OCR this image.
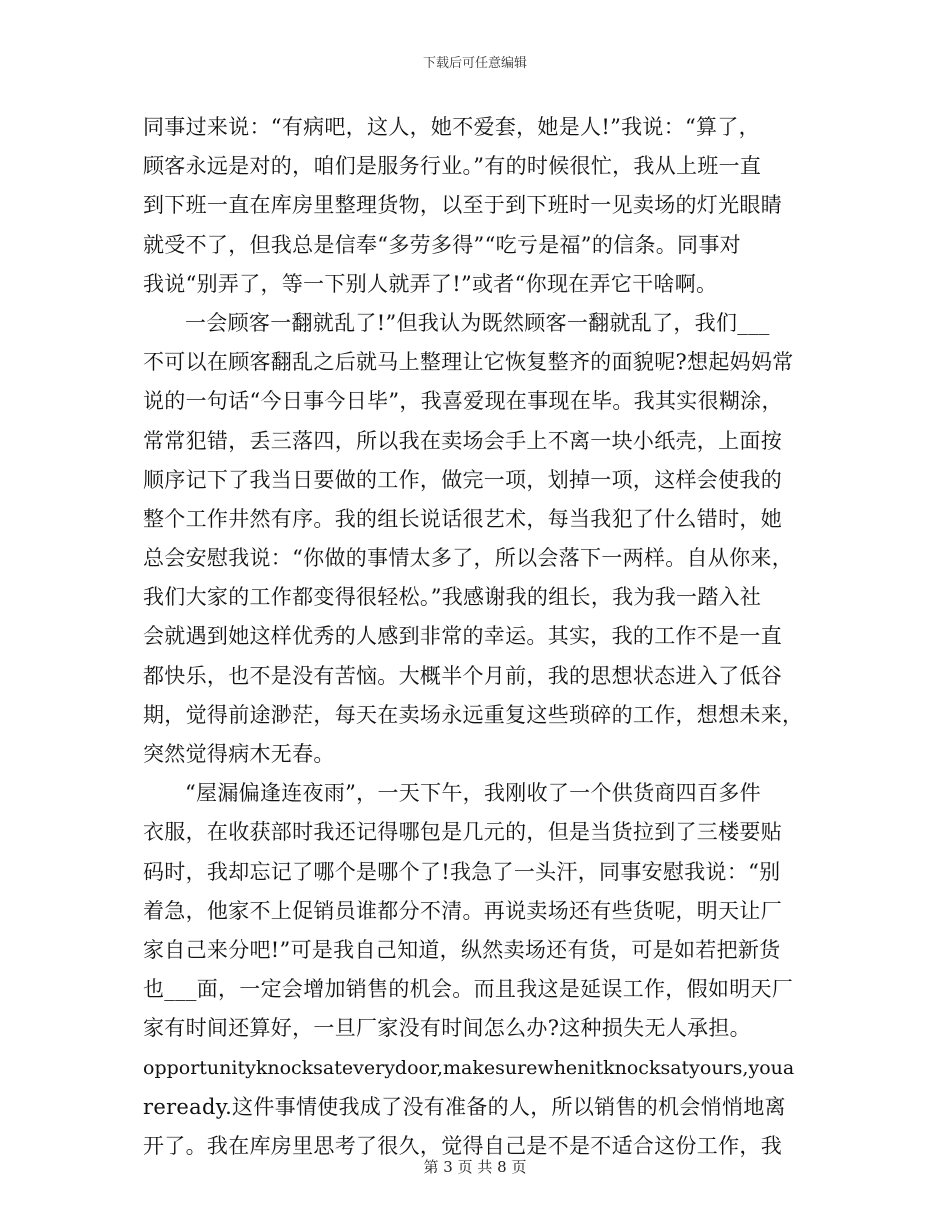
下载后可任意编辑
同事过来说：“有病吧，这人，她不爱套，她是人!”我说：“算了，
顾客永远是对的，咱们是服务行业。”有的时候很忙，我从上班一直
到下班一直在库房里整理货物，以至于到下班时一见卖场的灯光眼睛
就受不了，但我总是信奉“多劳多得”“吃亏是福”的信条。同事对
我说“别弄了，等一下别人就弄了!”或者“你现在弄它干啥啊。
一会顾客一翻就乱了!”但我认为既然顾客一翻就乱了，我们___
不可以在顾客翻乱之后就马上整理让它恢复整齐的面貌呢?想起妈妈常
说的一句话“今日事今日毕”，我喜爱现在事现在毕。我其实很糊涂，
常常犯错，丢三落四，所以我在卖场会手上不离一块小纸壳，上面按
顺序记下了我当日要做的工作，做完一项，划掉一项，这样会使我的
整个工作井然有序。我的组长说话很艺术，每当我犯了什么错时，她
总会安慰我说：“你做的事情太多了，所以会落下一两样。自从你来，
我们大家的工作都变得很轻松。”我感谢我的组长，我为我一踏入社
会就遇到她这样优秀的人感到非常的幸运。其实，我的工作不是一直
都快乐，也不是没有苦恼。大概半个月前，我的思想状态进入了低谷
期，觉得前途渺茫，每天在卖场永远重复这些琐碎的工作，想想未来，
突然觉得病木无春。
“屋漏偏逢连夜雨”，一天下午，我刚收了一个供货商四百多件
衣服，在收获部时我还记得哪包是几元的，但是当货拉到了三楼要贴
码时，我却忘记了哪个是哪个了!我急了一头汗，同事安慰我说：“别
着急，他家不上促销员谁都分不清。再说卖场还有些货呢，明天让厂
家自己来分吧!”可是我自己知道，纵然卖场还有货，可是如若把新货
也___面，一定会增加销售的机会。而且我这是延误工作，假如明天厂
家有时间还算好，一旦厂家没有时间怎么办?这种损失无人承担。
opportunityknocksateverydoor,makesurewhenitknocksatyours,youa
reready.这件事情使我成了没有准备的人，所以销售的机会悄悄地离
开了。我在库房里思考了很久，觉得自己是不是不适合这份工作，我
第 3 页 共 8 页
